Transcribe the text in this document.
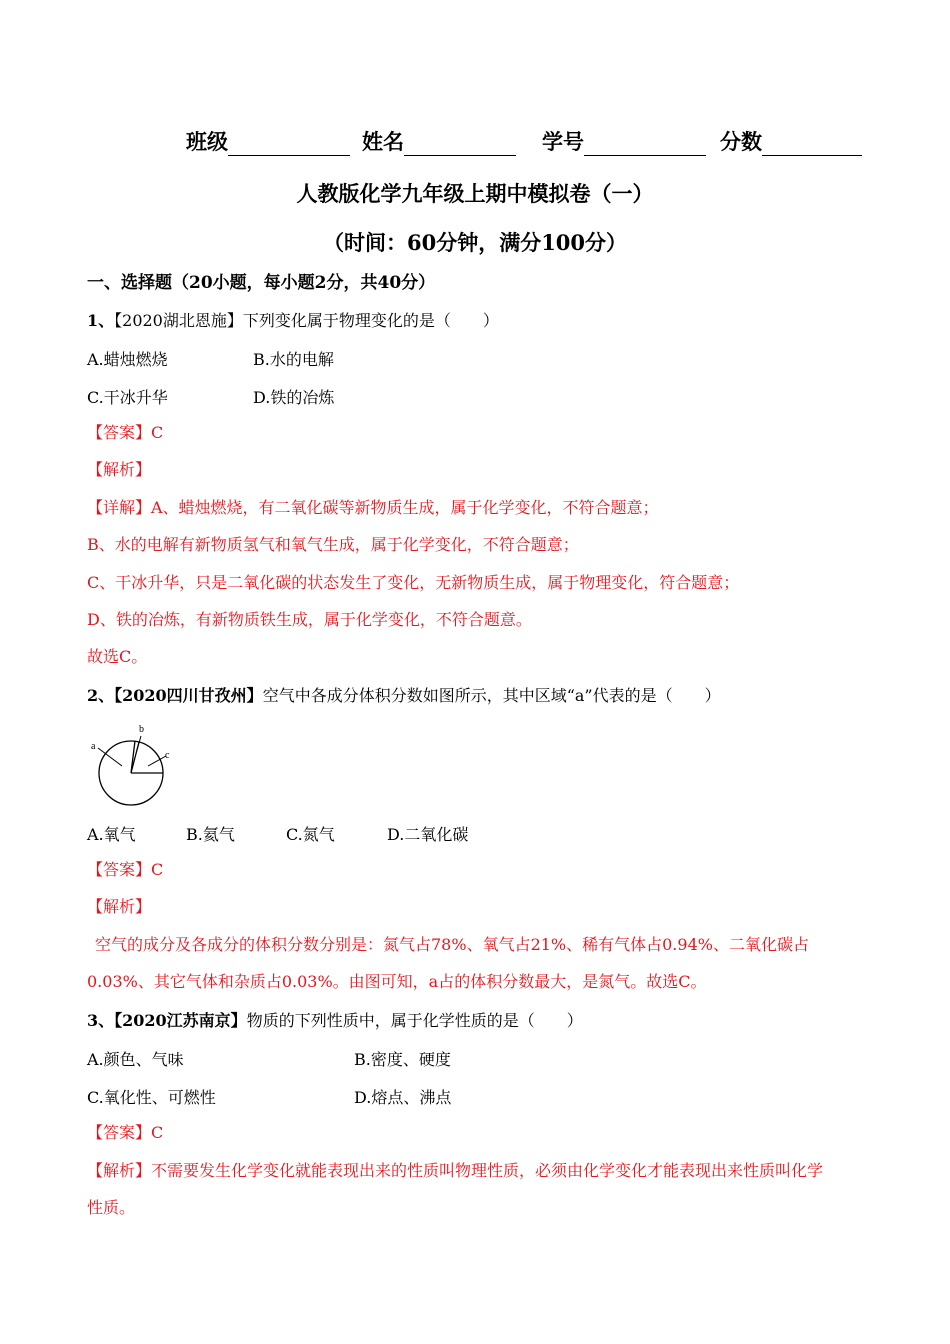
班级	姓名	学号	分数
人教版化学九年级上期中模拟卷（一）
（时间：60分钟，满分100分）
一、选择题（20小题，每小题2分，共40分）
1、【2020湖北恩施】下列变化属于物理变化的是（　　）
A.蜡烛燃烧	B.水的电解
C.干冰升华	D.铁的冶炼
【答案】C
【解析】
【详解】A、蜡烛燃烧，有二氧化碳等新物质生成，属于化学变化，不符合题意；
B、水的电解有新物质氢气和氧气生成，属于化学变化，不符合题意；
C、干冰升华，只是二氧化碳的状态发生了变化，无新物质生成，属于物理变化，符合题意；
D、铁的冶炼，有新物质铁生成，属于化学变化，不符合题意。
故选C。
2、【2020四川甘孜州】空气中各成分体积分数如图所示，其中区域“a”代表的是（　　）
a
b
c
A.氧气	B.氦气	C.氮气	D.二氧化碳
【答案】C
【解析】
空气的成分及各成分的体积分数分别是：氮气占78%、氧气占21%、稀有气体占0.94%、二氧化碳占
0.03%、其它气体和杂质占0.03%。由图可知，a占的体积分数最大，是氮气。故选C。
3、【2020江苏南京】物质的下列性质中，属于化学性质的是（　　）
A.颜色、气味	B.密度、硬度
C.氧化性、可燃性	D.熔点、沸点
【答案】C
【解析】不需要发生化学变化就能表现出来的性质叫物理性质，必须由化学变化才能表现出来性质叫化学
性质。
